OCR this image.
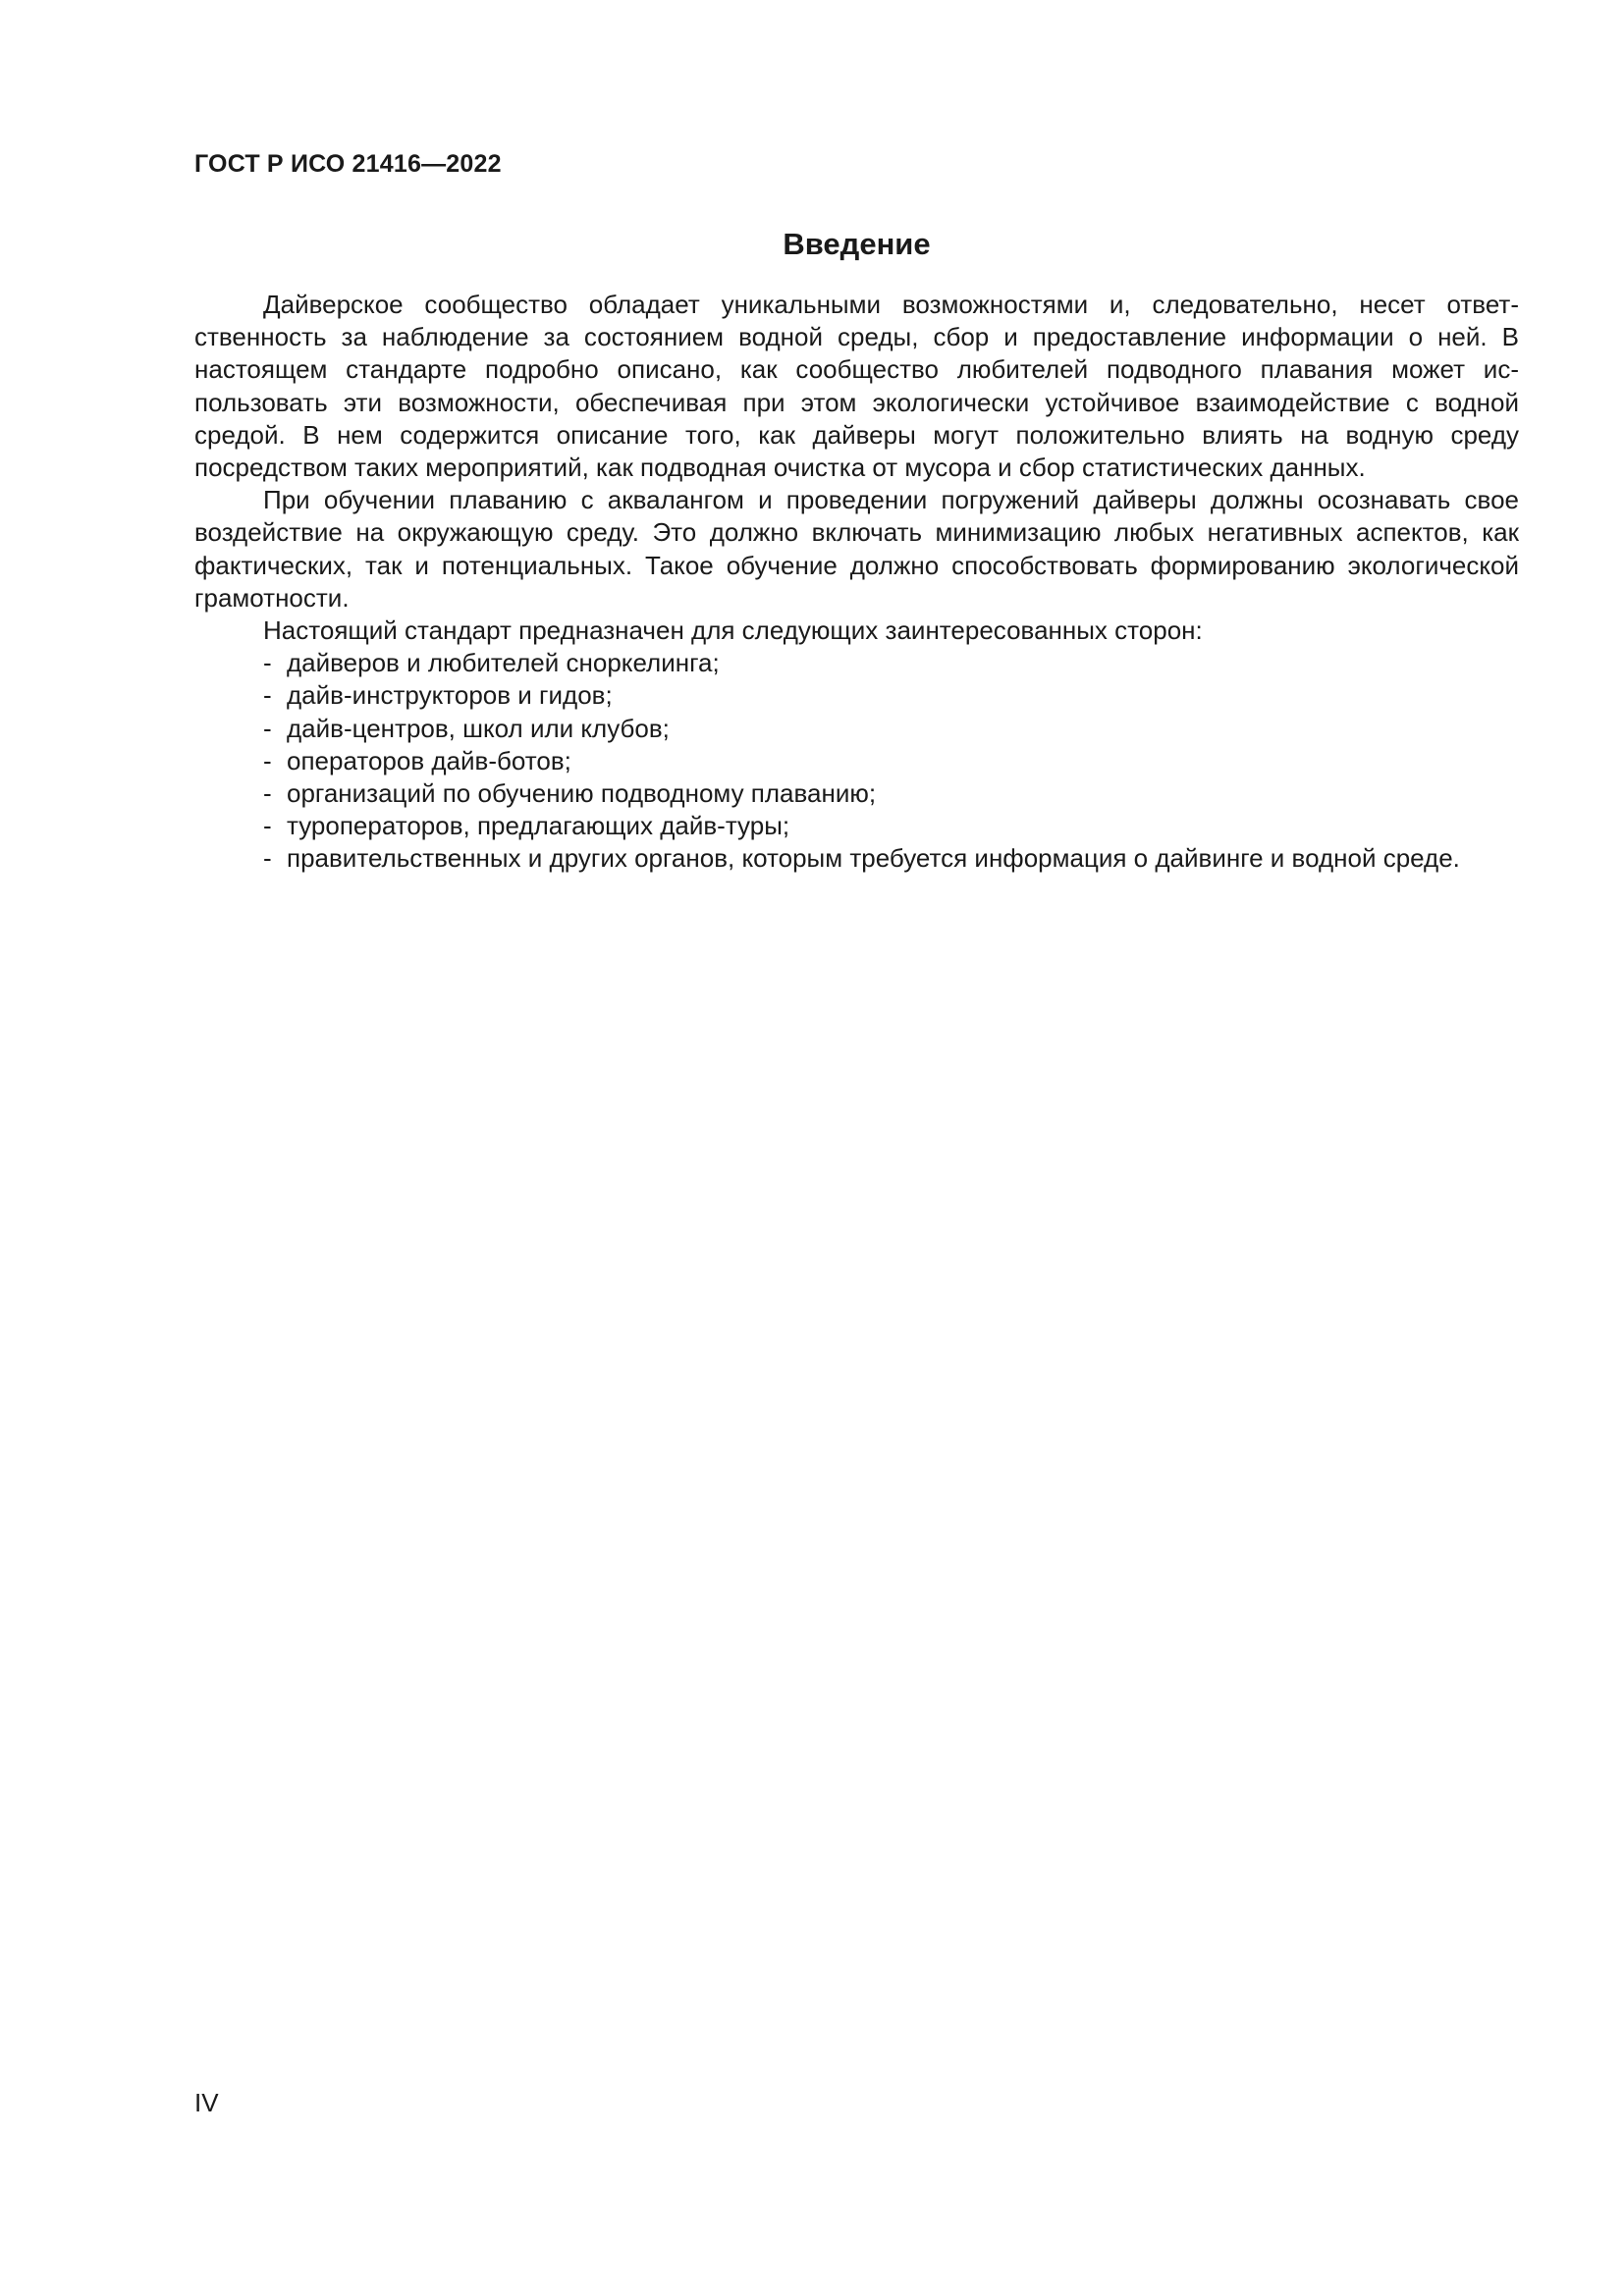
ГОСТ Р ИСО 21416—2022
Введение

Дайверское сообщество обладает уникальными возможностями и, следовательно, несет ответственность за наблюдение за состоянием водной среды, сбор и предоставление информации о ней. В настоящем стандарте подробно описано, как сообщество любителей подводного плавания может использовать эти возможности, обеспечивая при этом экологически устойчивое взаимодействие с водной средой. В нем содержится описание того, как дайверы могут положительно влиять на водную среду посредством таких мероприятий, как подводная очистка от мусора и сбор статистических данных.

При обучении плаванию с аквалангом и проведении погружений дайверы должны осознавать свое воздействие на окружающую среду. Это должно включать минимизацию любых негативных аспектов, как фактических, так и потенциальных. Такое обучение должно способствовать формированию экологической грамотности.

Настоящий стандарт предназначен для следующих заинтересованных сторон:

- дайверов и любителей сноркелинга;
- дайв-инструкторов и гидов;
- дайв-центров, школ или клубов;
- операторов дайв-ботов;
- организаций по обучению подводному плаванию;
- туроператоров, предлагающих дайв-туры;
- правительственных и других органов, которым требуется информация о дайвинге и водной среде.
IV
